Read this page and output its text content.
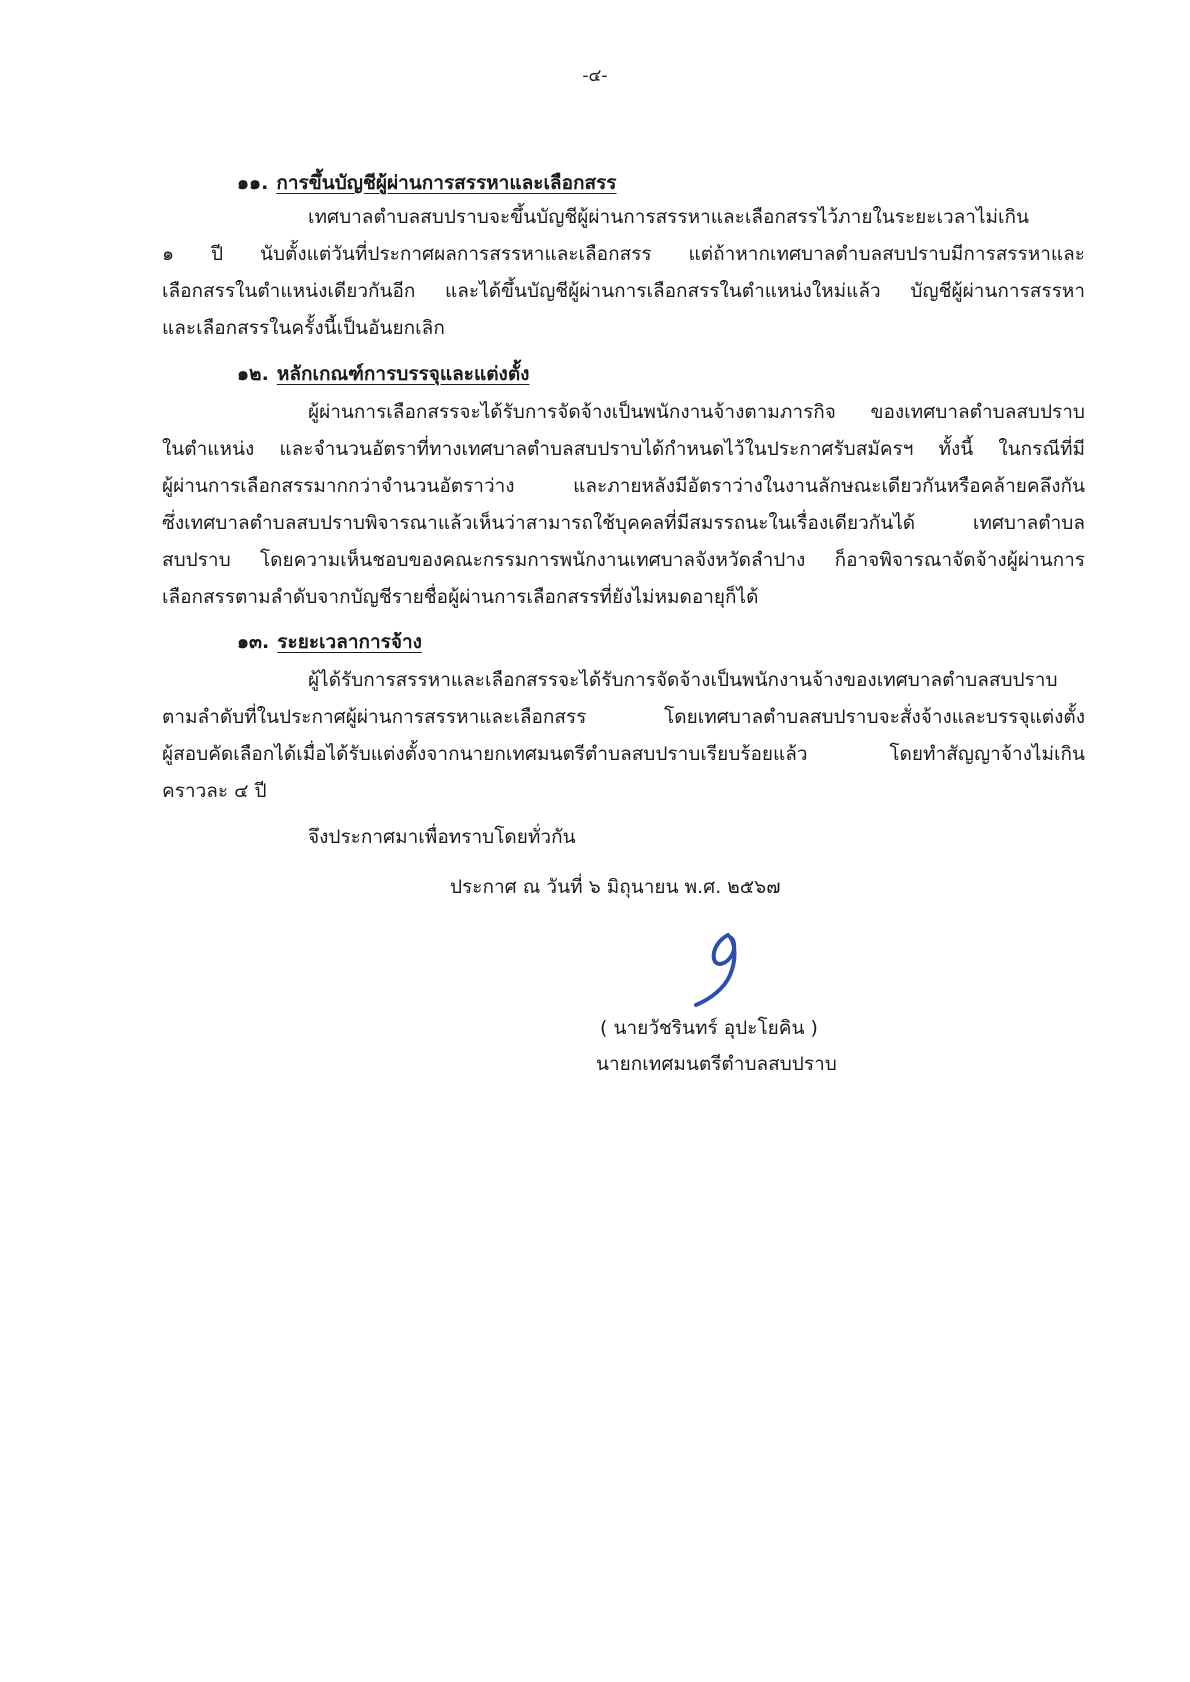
-๔-
๑๑. การขึ้นบัญชีผู้ผ่านการสรรหาและเลือกสรร
เทศบาลตำบลสบปราบจะขึ้นบัญชีผู้ผ่านการสรรหาและเลือกสรรไว้ภายในระยะเวลาไม่เกิน
๑ ปี นับตั้งแต่วันที่ประกาศผลการสรรหาและเลือกสรร แต่ถ้าหากเทศบาลตำบลสบปราบมีการสรรหาและ
เลือกสรรในตำแหน่งเดียวกันอีก และได้ขึ้นบัญชีผู้ผ่านการเลือกสรรในตำแหน่งใหม่แล้ว บัญชีผู้ผ่านการสรรหา
และเลือกสรรในครั้งนี้เป็นอันยกเลิก
๑๒. หลักเกณฑ์การบรรจุและแต่งตั้ง
ผู้ผ่านการเลือกสรรจะได้รับการจัดจ้างเป็นพนักงานจ้างตามภารกิจ ของเทศบาลตำบลสบปราบ
ในตำแหน่ง และจำนวนอัตราที่ทางเทศบาลตำบลสบปราบได้กำหนดไว้ในประกาศรับสมัครฯ ทั้งนี้ ในกรณีที่มี
ผู้ผ่านการเลือกสรรมากกว่าจำนวนอัตราว่าง และภายหลังมีอัตราว่างในงานลักษณะเดียวกันหรือคล้ายคลึงกัน
ซึ่งเทศบาลตำบลสบปราบพิจารณาแล้วเห็นว่าสามารถใช้บุคคลที่มีสมรรถนะในเรื่องเดียวกันได้ เทศบาลตำบล
สบปราบ โดยความเห็นชอบของคณะกรรมการพนักงานเทศบาลจังหวัดลำปาง ก็อาจพิจารณาจัดจ้างผู้ผ่านการ
เลือกสรรตามลำดับจากบัญชีรายชื่อผู้ผ่านการเลือกสรรที่ยังไม่หมดอายุก็ได้
๑๓. ระยะเวลาการจ้าง
ผู้ได้รับการสรรหาและเลือกสรรจะได้รับการจัดจ้างเป็นพนักงานจ้างของเทศบาลตำบลสบปราบ
ตามลำดับที่ในประกาศผู้ผ่านการสรรหาและเลือกสรร โดยเทศบาลตำบลสบปราบจะสั่งจ้างและบรรจุแต่งตั้ง
ผู้สอบคัดเลือกได้เมื่อได้รับแต่งตั้งจากนายกเทศมนตรีตำบลสบปราบเรียบร้อยแล้ว โดยทำสัญญาจ้างไม่เกิน
คราวละ ๔ ปี
จึงประกาศมาเพื่อทราบโดยทั่วกัน
ประกาศ ณ วันที่ ๖ มิถุนายน พ.ศ. ๒๕๖๗
( นายวัชรินทร์ อุปะโยคิน )
นายกเทศมนตรีตำบลสบปราบ
